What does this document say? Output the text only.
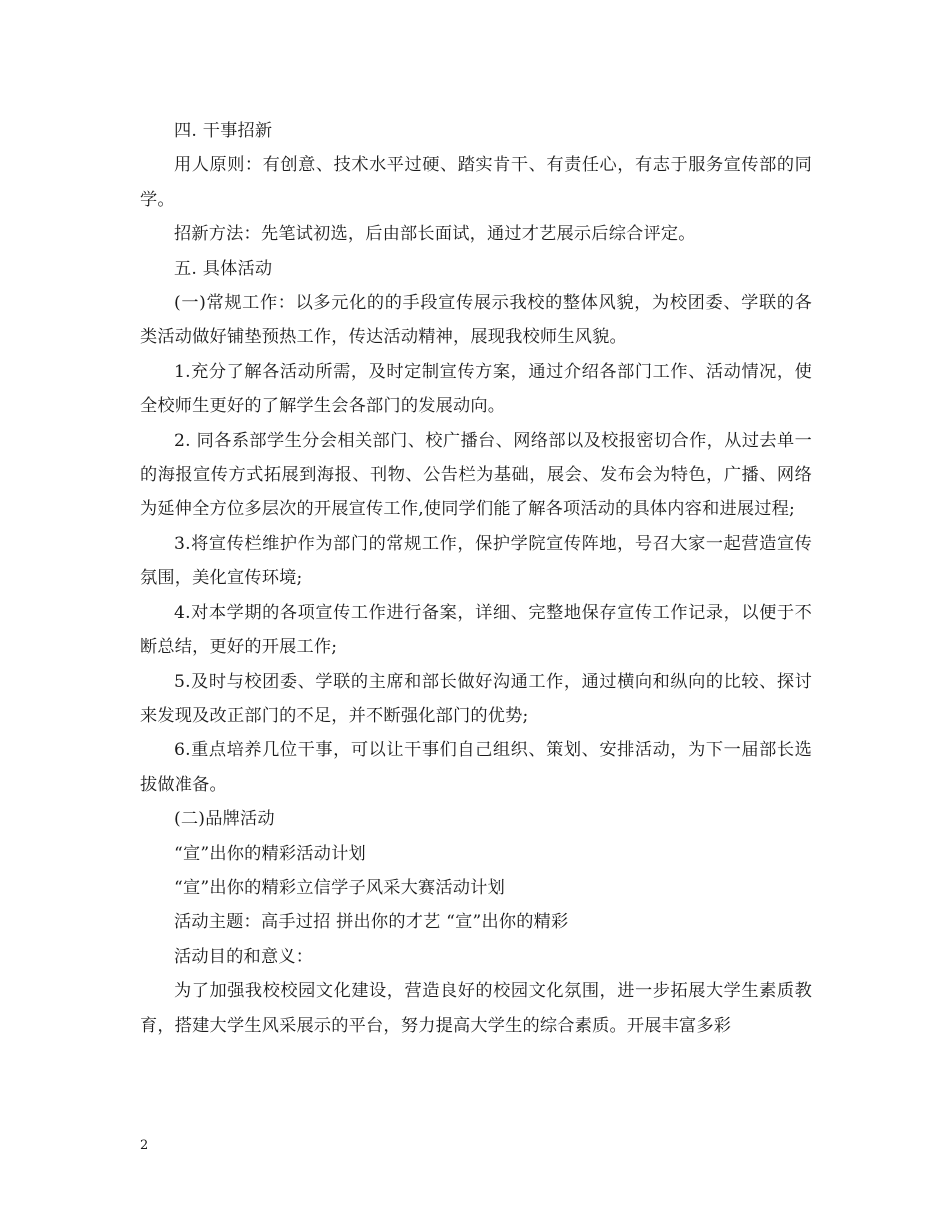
四. 干事招新

用人原则：有创意、技术水平过硬、踏实肯干、有责任心，有志于服务宣传部的同学。

招新方法：先笔试初选，后由部长面试，通过才艺展示后综合评定。

五. 具体活动

(一)常规工作：以多元化的的手段宣传展示我校的整体风貌，为校团委、学联的各类活动做好铺垫预热工作，传达活动精神，展现我校师生风貌。

1.充分了解各活动所需，及时定制宣传方案，通过介绍各部门工作、活动情况，使全校师生更好的了解学生会各部门的发展动向。

2. 同各系部学生分会相关部门、校广播台、网络部以及校报密切合作，从过去单一的海报宣传方式拓展到海报、刊物、公告栏为基础，展会、发布会为特色，广播、网络为延伸全方位多层次的开展宣传工作,使同学们能了解各项活动的具体内容和进展过程;

3.将宣传栏维护作为部门的常规工作，保护学院宣传阵地，号召大家一起营造宣传氛围，美化宣传环境;

4.对本学期的各项宣传工作进行备案，详细、完整地保存宣传工作记录，以便于不断总结，更好的开展工作;

5.及时与校团委、学联的主席和部长做好沟通工作，通过横向和纵向的比较、探讨来发现及改正部门的不足，并不断强化部门的优势;

6.重点培养几位干事，可以让干事们自己组织、策划、安排活动，为下一届部长选拔做准备。

(二)品牌活动

“宣”出你的精彩活动计划

“宣”出你的精彩立信学子风采大赛活动计划

活动主题：高手过招 拼出你的才艺 “宣”出你的精彩

活动目的和意义：

为了加强我校校园文化建设，营造良好的校园文化氛围，进一步拓展大学生素质教育，搭建大学生风采展示的平台，努力提高大学生的综合素质。开展丰富多彩

2
